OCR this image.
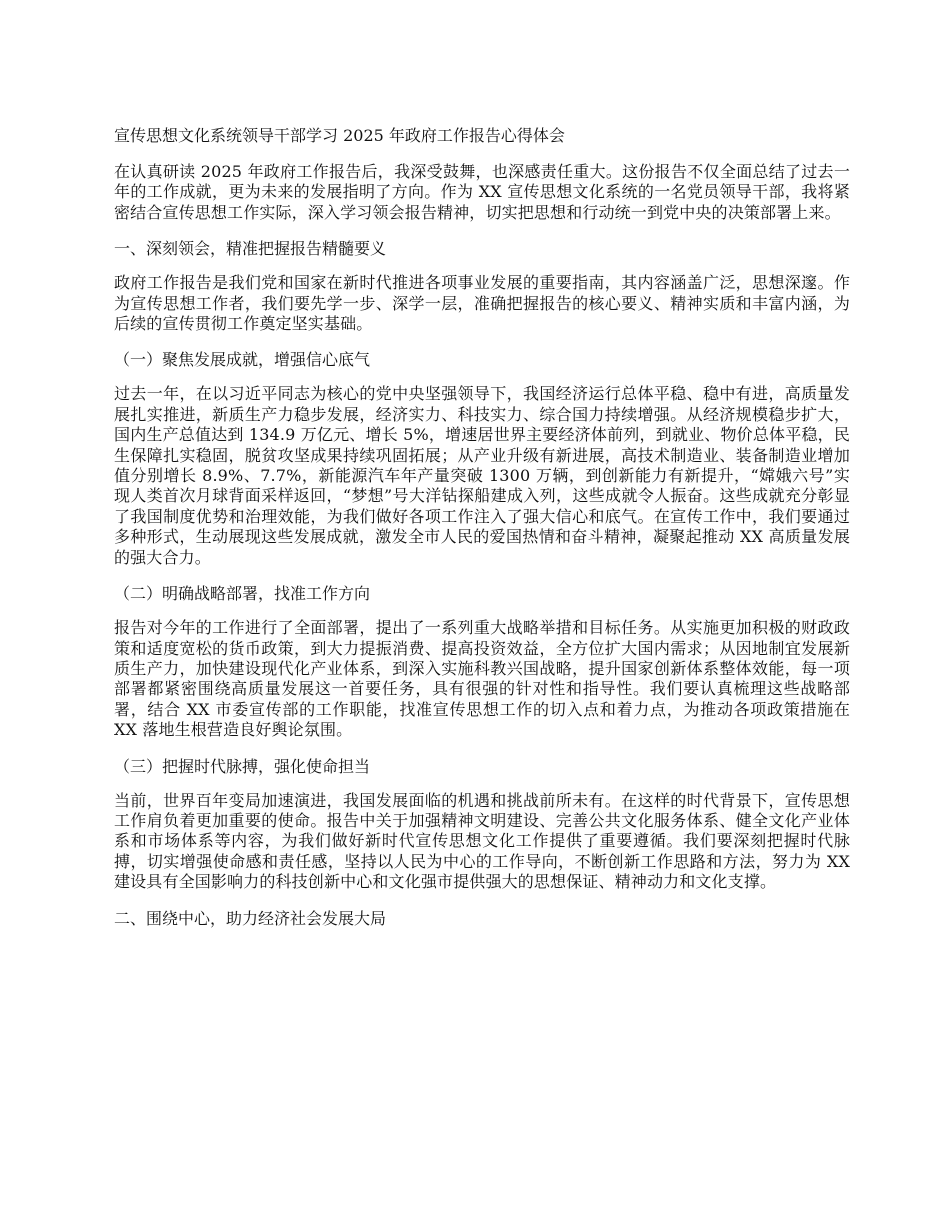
宣传思想文化系统领导干部学习 2025 年政府工作报告心得体会

在认真研读 2025 年政府工作报告后，我深受鼓舞，也深感责任重大。这份报告不仅全面总结了过去一年的工作成就，更为未来的发展指明了方向。作为 XX 宣传思想文化系统的一名党员领导干部，我将紧密结合宣传思想工作实际，深入学习领会报告精神，切实把思想和行动统一到党中央的决策部署上来。

一、深刻领会，精准把握报告精髓要义

政府工作报告是我们党和国家在新时代推进各项事业发展的重要指南，其内容涵盖广泛，思想深邃。作为宣传思想工作者，我们要先学一步、深学一层，准确把握报告的核心要义、精神实质和丰富内涵，为后续的宣传贯彻工作奠定坚实基础。

（一）聚焦发展成就，增强信心底气

过去一年，在以习近平同志为核心的党中央坚强领导下，我国经济运行总体平稳、稳中有进，高质量发展扎实推进，新质生产力稳步发展，经济实力、科技实力、综合国力持续增强。从经济规模稳步扩大，国内生产总值达到 134.9 万亿元、增长 5%，增速居世界主要经济体前列，到就业、物价总体平稳，民生保障扎实稳固，脱贫攻坚成果持续巩固拓展；从产业升级有新进展，高技术制造业、装备制造业增加值分别增长 8.9%、7.7%，新能源汽车年产量突破 1300 万辆，到创新能力有新提升，“嫦娥六号”实现人类首次月球背面采样返回，“梦想”号大洋钻探船建成入列，这些成就令人振奋。这些成就充分彰显了我国制度优势和治理效能，为我们做好各项工作注入了强大信心和底气。在宣传工作中，我们要通过多种形式，生动展现这些发展成就，激发全市人民的爱国热情和奋斗精神，凝聚起推动 XX 高质量发展的强大合力。

（二）明确战略部署，找准工作方向

报告对今年的工作进行了全面部署，提出了一系列重大战略举措和目标任务。从实施更加积极的财政政策和适度宽松的货币政策，到大力提振消费、提高投资效益，全方位扩大国内需求；从因地制宜发展新质生产力，加快建设现代化产业体系，到深入实施科教兴国战略，提升国家创新体系整体效能，每一项部署都紧密围绕高质量发展这一首要任务，具有很强的针对性和指导性。我们要认真梳理这些战略部署，结合 XX 市委宣传部的工作职能，找准宣传思想工作的切入点和着力点，为推动各项政策措施在 XX 落地生根营造良好舆论氛围。

（三）把握时代脉搏，强化使命担当

当前，世界百年变局加速演进，我国发展面临的机遇和挑战前所未有。在这样的时代背景下，宣传思想工作肩负着更加重要的使命。报告中关于加强精神文明建设、完善公共文化服务体系、健全文化产业体系和市场体系等内容，为我们做好新时代宣传思想文化工作提供了重要遵循。我们要深刻把握时代脉搏，切实增强使命感和责任感，坚持以人民为中心的工作导向，不断创新工作思路和方法，努力为 XX 建设具有全国影响力的科技创新中心和文化强市提供强大的思想保证、精神动力和文化支撑。

二、围绕中心，助力经济社会发展大局
